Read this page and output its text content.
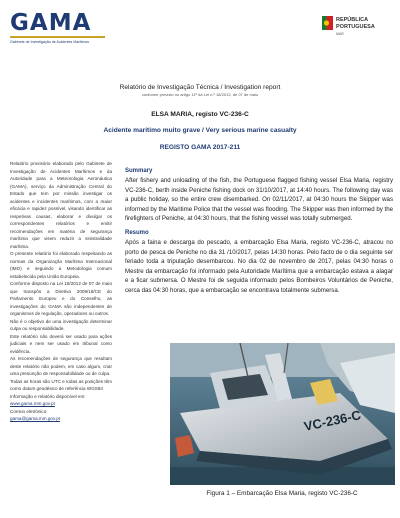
GAMA
Gabinete de Investigação de Acidentes Marítimos
REPÚBLICA
PORTUGUESA
MAR
Relatório de Investigação Técnica / Investigation report
conforme previsto no artigo 11º da Lei n.º 18/2012, de 07 de maio
ELSA MARIA, registo VC-236-C
Acidente marítimo muito grave / Very serious marine casualty
REGISTO GAMA 2017-211

Relatório provisório elaborado pelo Gabinete de Investigação de Acidentes Marítimos e da Autoridade para a Meteorologia Aeronáutica (GAMA), serviço da Administração Central do Estado que tem por missão investigar os acidentes e incidentes marítimos, com a maior eficácia e rapidez possível, visando identificar as respetivas causas, elaborar e divulgar os correspondentes relatórios e emitir recomendações em matéria de segurança marítima que visem reduzir a sinistralidade marítima.

O presente relatório foi elaborado respeitando as normas da Organização Marítima Internacional (IMO) e seguindo a Metodologia comum estabelecida pela União Europeia.

Conforme disposto na Lei 18/2012 de 07 de maio que transpôs a Diretiva 2009/18/CE do Parlamento Europeu e do Conselho, as investigações do GAMA são independentes de organismos de regulação, operadores ou outros.

Não é o objetivo de uma investigação determinar culpa ou responsabilidade.

Este relatório não deverá ser usado para ações judiciais e nem ser usado em tribunal como evidência.

As recomendações de segurança que resultam deste relatório não podem, em caso algum, criar uma presunção de responsabilidade ou de culpa.

Todas as horas são UTC e todas as posições têm como datum geodésico de referência WGS84

Informação e relatório disponível em:

www.gama.mm.gov.pt

Correio eletrónico:

gama@gama.mm.gov.pt

Summary

After fishery and unloading of the fish, the Portuguese flagged fishing vessel Elsa Maria, registry VC-236-C, berth inside Peniche fishing dock on 31/10/2017, at 14:40 hours. The following day was a public holiday, so the entire crew disembarked. On 02/11/2017, at 04:30 hours the Skipper was informed by the Maritime Police that the vessel was flooding. The Skipper was then informed by the firefighters of Peniche, at 04:30 hours, that the fishing vessel was totally submerged.

Resumo

Após a faina e descarga do pescado, a embarcação Elsa Maria, registo VC-236-C, atracou no porto de pesca de Peniche no dia 31 /10/2017, pelas 14:30 horas. Pelo facto de o dia seguinte ser feriado toda a tripulação desembarcou. No dia 02 de novembro de 2017, pelas 04:30 horas o Mestre da embarcação foi informado pela Autoridade Marítima que a embarcação estava a alagar e a ficar submersa. O Mestre foi de seguida informado pelos Bombeiros Voluntários de Peniche, cerca das 04:30 horas, que a embarcação se encontrava totalmente submersa.

VC-236-C
Figura 1 – Embarcação Elsa Maria, registo VC-236-C
